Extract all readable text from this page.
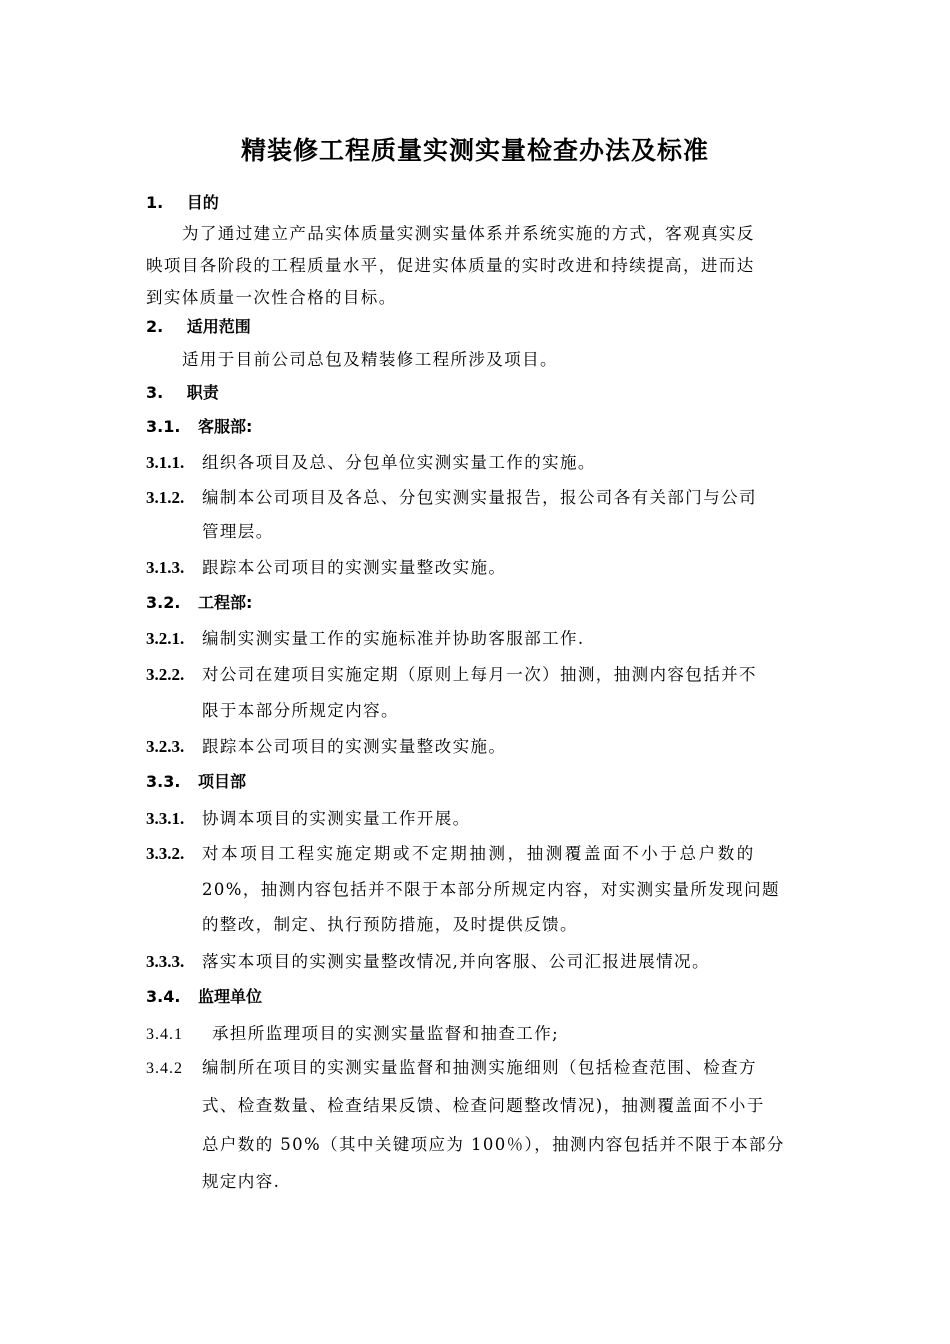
精装修工程质量实测实量检查办法及标准
1. 目的
为了通过建立产品实体质量实测实量体系并系统实施的方式，客观真实反
映项目各阶段的工程质量水平，促进实体质量的实时改进和持续提高，进而达
到实体质量一次性合格的目标。
2. 适用范围
适用于目前公司总包及精装修工程所涉及项目。
3. 职责
3.1. 客服部:
3.1.1. 组织各项目及总、分包单位实测实量工作的实施。
3.1.2. 编制本公司项目及各总、分包实测实量报告，报公司各有关部门与公司
管理层。
3.1.3. 跟踪本公司项目的实测实量整改实施。
3.2. 工程部:
3.2.1. 编制实测实量工作的实施标准并协助客服部工作.
3.2.2. 对公司在建项目实施定期（原则上每月一次）抽测，抽测内容包括并不
限于本部分所规定内容。
3.2.3. 跟踪本公司项目的实测实量整改实施。
3.3. 项目部
3.3.1. 协调本项目的实测实量工作开展。
3.3.2. 对本项目工程实施定期或不定期抽测，抽测覆盖面不小于总户数的
20%，抽测内容包括并不限于本部分所规定内容，对实测实量所发现问题
的整改，制定、执行预防措施，及时提供反馈。
3.3.3. 落实本项目的实测实量整改情况,并向客服、公司汇报进展情况。
3.4. 监理单位
3.4.1 承担所监理项目的实测实量监督和抽查工作;
3.4.2 编制所在项目的实测实量监督和抽测实施细则（包括检查范围、检查方
式、检查数量、检查结果反馈、检查问题整改情况)，抽测覆盖面不小于
总户数的 50%（其中关键项应为 100％），抽测内容包括并不限于本部分
规定内容.
